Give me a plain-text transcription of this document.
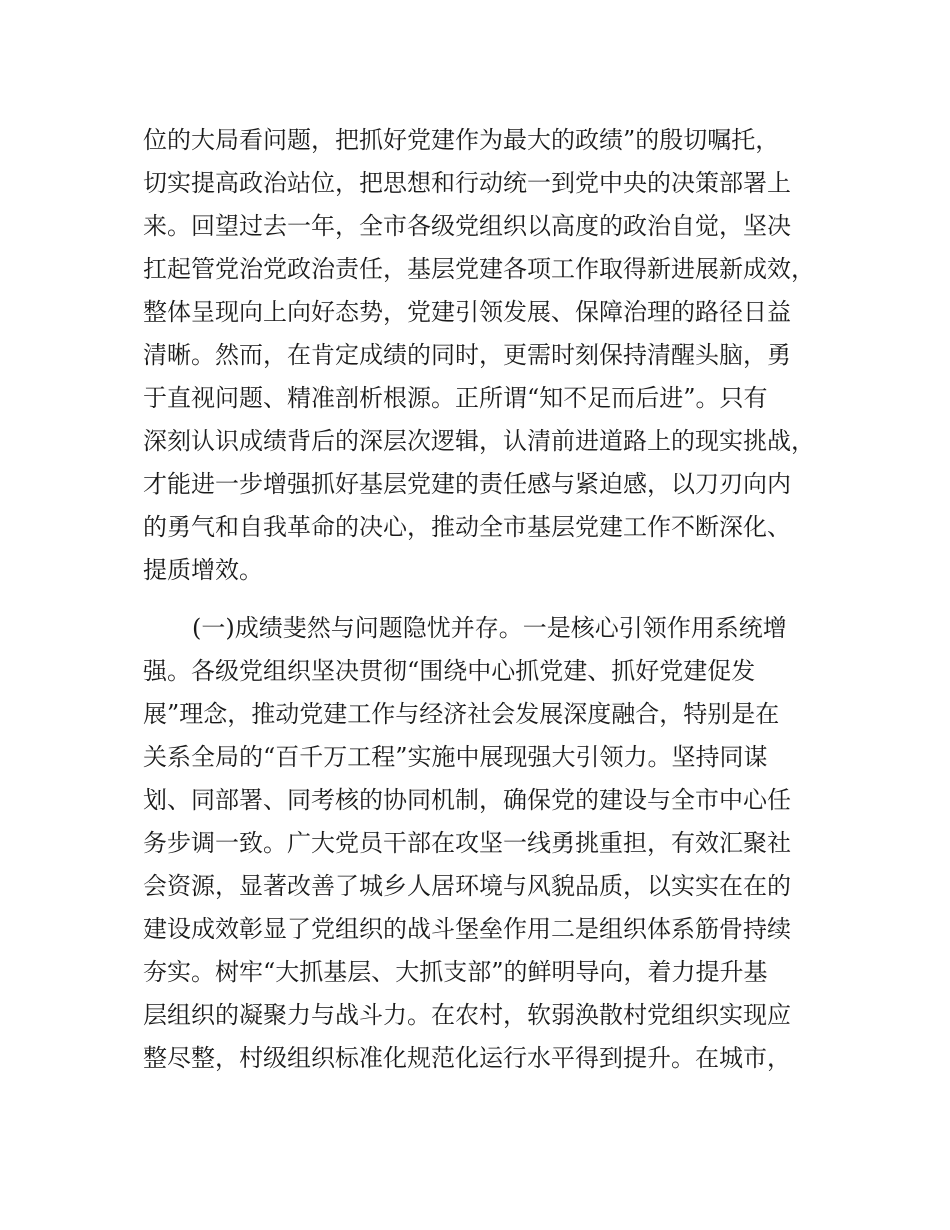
位的大局看问题，把抓好党建作为最大的政绩”的殷切嘱托，
切实提高政治站位，把思想和行动统一到党中央的决策部署上
来。回望过去一年，全市各级党组织以高度的政治自觉，坚决
扛起管党治党政治责任，基层党建各项工作取得新进展新成效，
整体呈现向上向好态势，党建引领发展、保障治理的路径日益
清晰。然而，在肯定成绩的同时，更需时刻保持清醒头脑，勇
于直视问题、精准剖析根源。正所谓“知不足而后进”。只有
深刻认识成绩背后的深层次逻辑，认清前进道路上的现实挑战，
才能进一步增强抓好基层党建的责任感与紧迫感，以刀刃向内
的勇气和自我革命的决心，推动全市基层党建工作不断深化、
提质增效。
(一)成绩斐然与问题隐忧并存。一是核心引领作用系统增
强。各级党组织坚决贯彻“围绕中心抓党建、抓好党建促发
展”理念，推动党建工作与经济社会发展深度融合，特别是在
关系全局的“百千万工程”实施中展现强大引领力。坚持同谋
划、同部署、同考核的协同机制，确保党的建设与全市中心任
务步调一致。广大党员干部在攻坚一线勇挑重担，有效汇聚社
会资源，显著改善了城乡人居环境与风貌品质，以实实在在的
建设成效彰显了党组织的战斗堡垒作用二是组织体系筋骨持续
夯实。树牢“大抓基层、大抓支部”的鲜明导向，着力提升基
层组织的凝聚力与战斗力。在农村，软弱涣散村党组织实现应
整尽整，村级组织标准化规范化运行水平得到提升。在城市，
